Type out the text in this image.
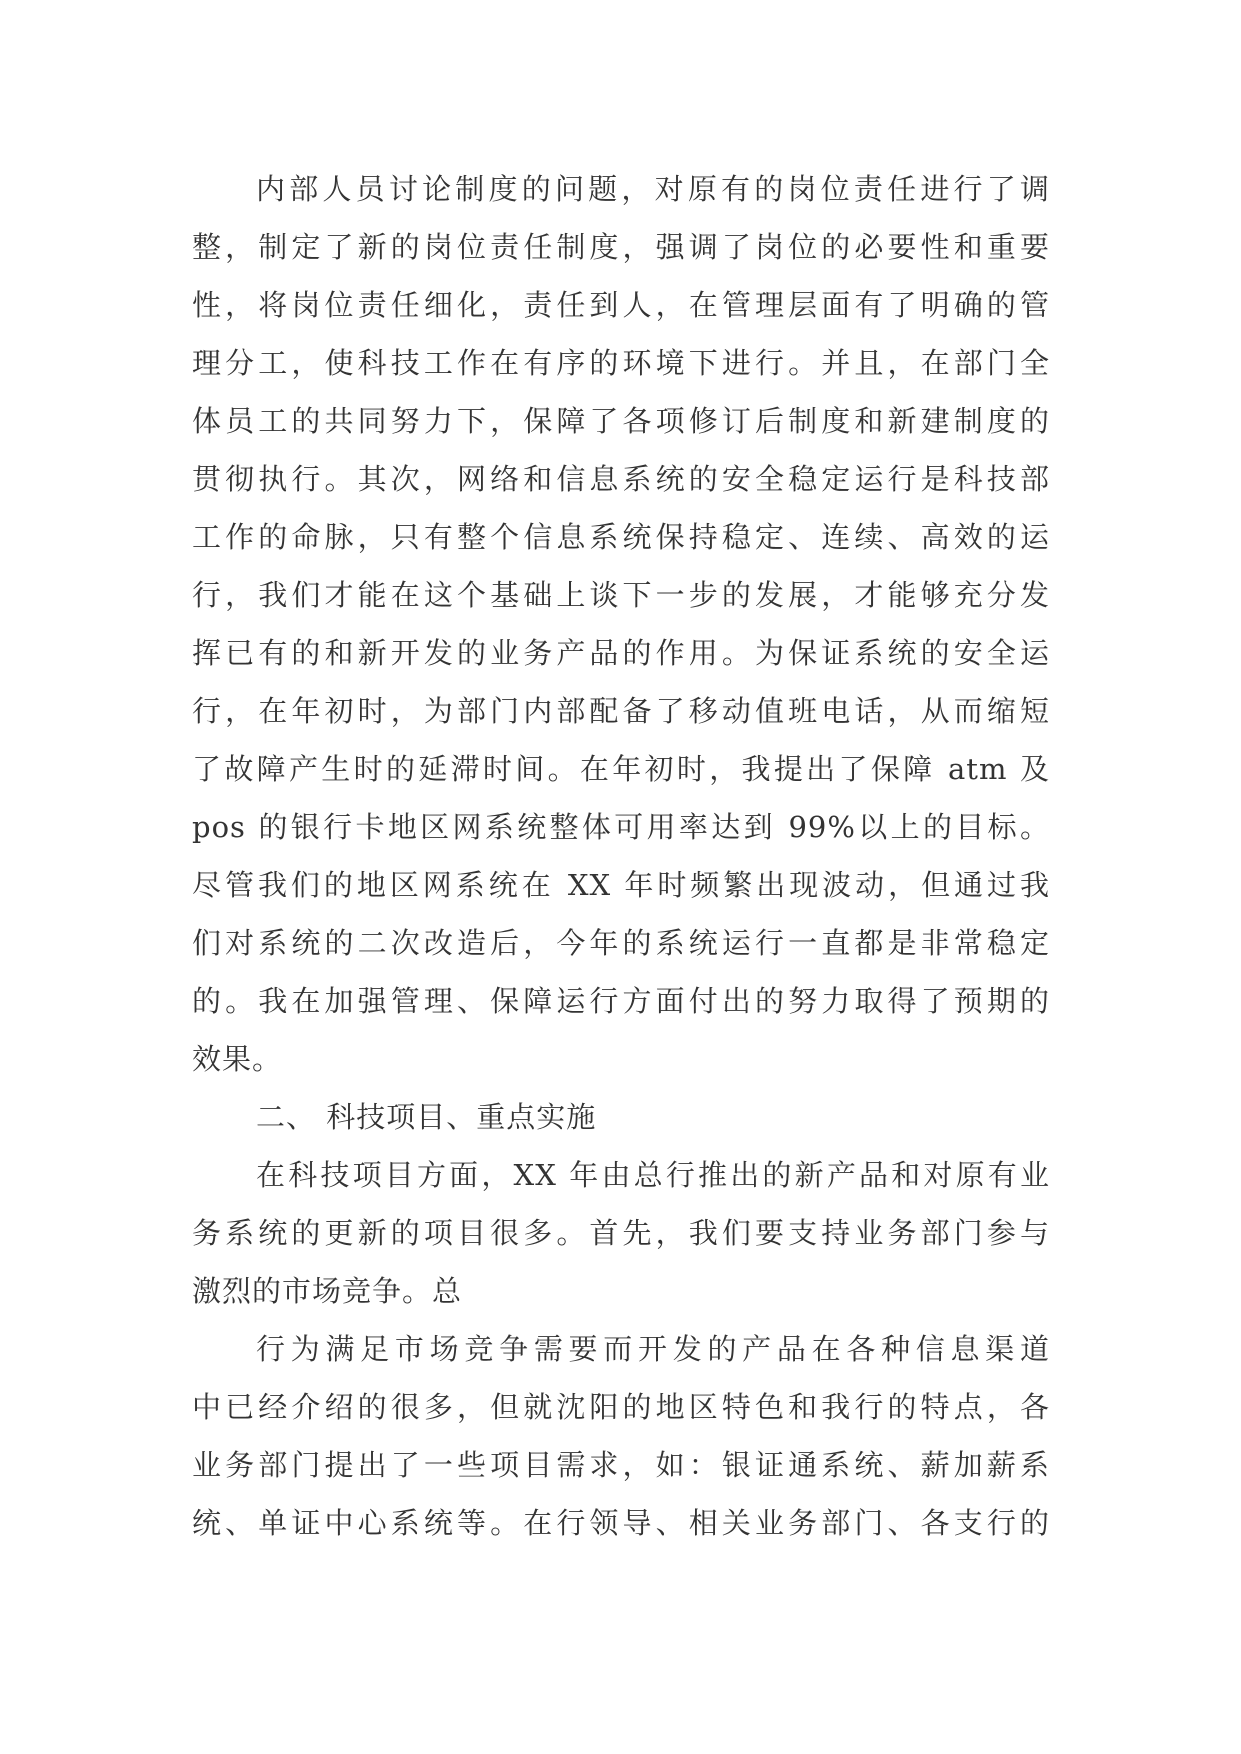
内部人员讨论制度的问题，对原有的岗位责任进行了调
整，制定了新的岗位责任制度，强调了岗位的必要性和重要
性，将岗位责任细化，责任到人，在管理层面有了明确的管
理分工，使科技工作在有序的环境下进行。并且，在部门全
体员工的共同努力下，保障了各项修订后制度和新建制度的
贯彻执行。其次，网络和信息系统的安全稳定运行是科技部
工作的命脉，只有整个信息系统保持稳定、连续、高效的运
行，我们才能在这个基础上谈下一步的发展，才能够充分发
挥已有的和新开发的业务产品的作用。为保证系统的安全运
行，在年初时，为部门内部配备了移动值班电话，从而缩短
了故障产生时的延滞时间。在年初时，我提出了保障 atm 及
pos 的银行卡地区网系统整体可用率达到 99%以上的目标。
尽管我们的地区网系统在 XX 年时频繁出现波动，但通过我
们对系统的二次改造后，今年的系统运行一直都是非常稳定
的。我在加强管理、保障运行方面付出的努力取得了预期的
效果。
二、 科技项目、重点实施
在科技项目方面，XX 年由总行推出的新产品和对原有业
务系统的更新的项目很多。首先，我们要支持业务部门参与
激烈的市场竞争。总
行为满足市场竞争需要而开发的产品在各种信息渠道
中已经介绍的很多，但就沈阳的地区特色和我行的特点，各
业务部门提出了一些项目需求，如：银证通系统、薪加薪系
统、单证中心系统等。在行领导、相关业务部门、各支行的
